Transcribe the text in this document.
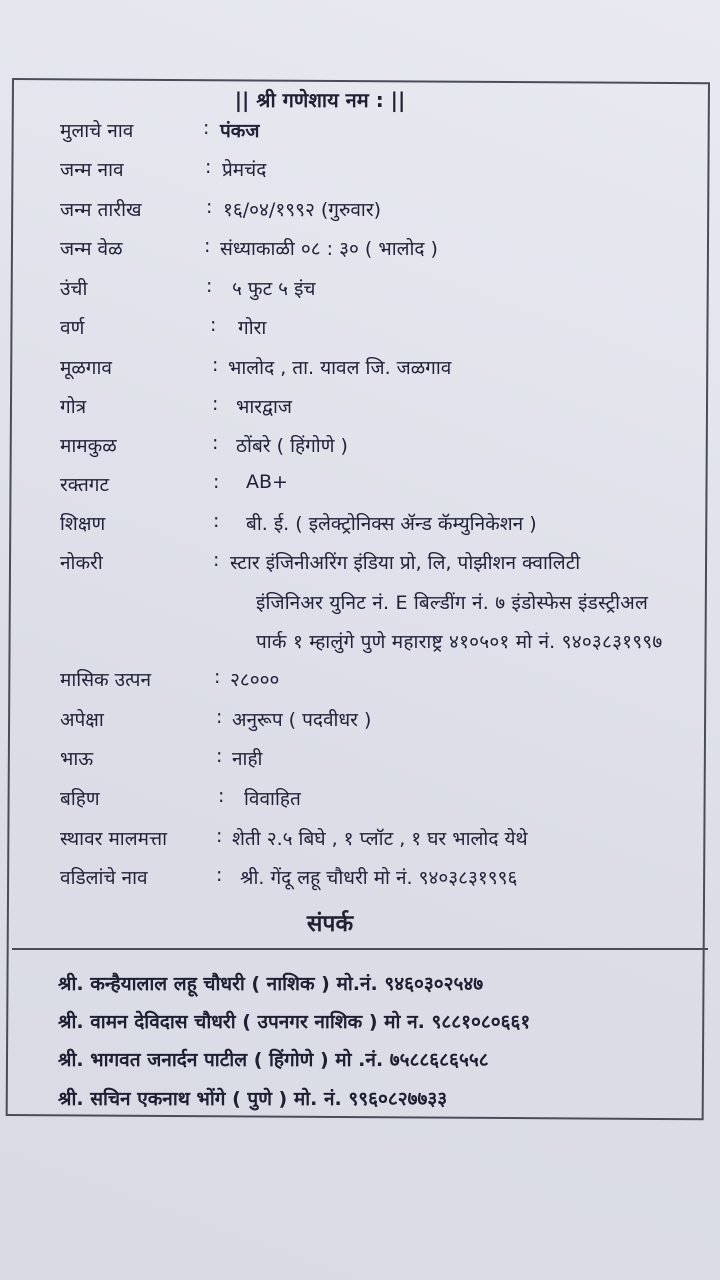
|| श्री गणेशाय नम : ||
मुलाचे नाव	: पंकज
जन्म नाव	: प्रेमचंद
जन्म तारीख	: १६/०४/१९९२ (गुरुवार)
जन्म वेळ	: संध्याकाळी ०८ : ३० ( भालोद )
उंची	: ५ फुट ५ इंच
वर्ण	: गोरा
मूळगाव	: भालोद , ता. यावल जि. जळगाव
गोत्र	: भारद्वाज
मामकुळ	: ठोंबरे ( हिंगोणे )
रक्तगट	: AB+
शिक्षण	: बी. ई. ( इलेक्ट्रोनिक्स ॲन्ड कॅम्युनिकेशन )
नोकरी	: स्टार इंजिनीअरिंग इंडिया प्रो, लि, पोझीशन क्वालिटी
इंजिनिअर युनिट नं. E बिल्डींग नं. ७ इंडोस्फेस इंडस्ट्रीअल
पार्क १ म्हालुंगे पुणे महाराष्ट्र ४१०५०१ मो नं. ९४०३८३१९९७
मासिक उत्पन	: २८०००
अपेक्षा	: अनुरूप ( पदवीधर )
भाऊ	: नाही
बहिण	: विवाहित
स्थावर मालमत्ता	: शेती २.५ बिघे , १ प्लॉट , १ घर भालोद येथे
वडिलांचे नाव	: श्री. गेंदू लहू चौधरी मो नं. ९४०३८३१९९६
संपर्क
श्री. कन्हैयालाल लहू चौधरी ( नाशिक ) मो.नं. ९४६०३०२५४७
श्री. वामन देविदास चौधरी ( उपनगर नाशिक ) मो न. ९८८१०८०६६१
श्री. भागवत जनार्दन पाटील ( हिंगोणे ) मो .नं. ७५८८६८६५५८
श्री. सचिन एकनाथ भोंगे ( पुणे ) मो. नं. ९९६०८२७७३३
